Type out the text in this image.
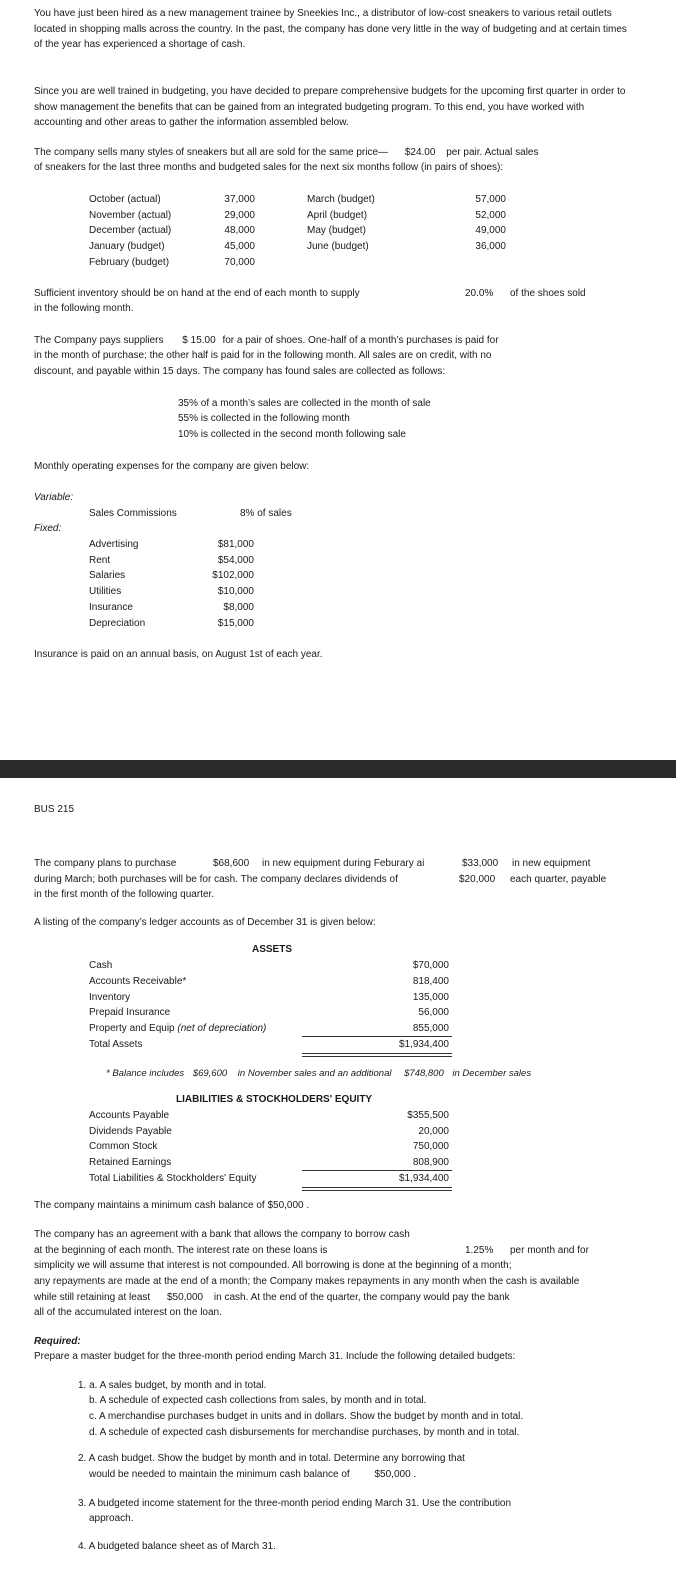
You have just been hired as a new management trainee by Sneekies Inc., a distributor of low-cost sneakers to various retail outlets located in shopping malls across the country. In the past, the company has done very little in the way of budgeting and at certain times of the year has experienced a shortage of cash.
Since you are well trained in budgeting, you have decided to prepare comprehensive budgets for the upcoming first quarter in order to show management the benefits that can be gained from an integrated budgeting program. To this end, you have worked with accounting and other areas to gather the information assembled below.
The company sells many styles of sneakers but all are sold for the same price— $24.00 per pair. Actual sales
of sneakers for the last three months and budgeted sales for the next six months follow (in pairs of shoes):
October (actual)	37,000
November (actual)	29,000
December (actual)	48,000
January (budget)	45,000
February (budget)	70,000
March (budget)	57,000
April (budget)	52,000
May (budget)	49,000
June (budget)	36,000
Sufficient inventory should be on hand at the end of each month to supply	20.0% of the shoes sold
in the following month.
The Company pays suppliers $ 15.00 for a pair of shoes. One-half of a month’s purchases is paid for
in the month of purchase; the other half is paid for in the following month. All sales are on credit, with no
discount, and payable within 15 days. The company has found sales are collected as follows:
35% of a month’s sales are collected in the month of sale
55% is collected in the following month
10% is collected in the second month following sale
Monthly operating expenses for the company are given below:
Variable:
Sales Commissions	8% of sales
Fixed:
Advertising	$81,000
Rent	$54,000
Salaries	$102,000
Utilities	$10,000
Insurance	$8,000
Depreciation	$15,000
Insurance is paid on an annual basis, on August 1st of each year.
BUS 215
The company plans to purchase	$68,600 in new equipment during Feburary ai	$33,000 in new equipment
during March; both purchases will be for cash. The company declares dividends of	$20,000 each quarter, payable
in the first month of the following quarter.
A listing of the company’s ledger accounts as of December 31 is given below:
ASSETS
Cash	$70,000
Accounts Receivable*	818,400
Inventory	135,000
Prepaid Insurance	56,000
Property and Equip (net of depreciation)	855,000
Total Assets	$1,934,400
* Balance includes $69,600 in November sales and an additional $748,800 in December sales
LIABILITIES & STOCKHOLDERS' EQUITY
Accounts Payable	$355,500
Dividends Payable	20,000
Common Stock	750,000
Retained Earnings	808,900
Total Liabilities & Stockholders' Equity	$1,934,400
The company maintains a minimum cash balance of $50,000 .
The company has an agreement with a bank that allows the company to borrow cash
at the beginning of each month. The interest rate on these loans is	1.25% per month and for
simplicity we will assume that interest is not compounded. All borrowing is done at the beginning of a month;
any repayments are made at the end of a month; the Company makes repayments in any month when the cash is available
while still retaining at least $50,000 in cash. At the end of the quarter, the company would pay the bank
all of the accumulated interest on the loan.
Required:
Prepare a master budget for the three-month period ending March 31. Include the following detailed budgets:
1. a. A sales budget, by month and in total.
b. A schedule of expected cash collections from sales, by month and in total.
c. A merchandise purchases budget in units and in dollars. Show the budget by month and in total.
d. A schedule of expected cash disbursements for merchandise purchases, by month and in total.
2. A cash budget. Show the budget by month and in total. Determine any borrowing that
would be needed to maintain the minimum cash balance of $50,000 .
3. A budgeted income statement for the three-month period ending March 31. Use the contribution
approach.
4. A budgeted balance sheet as of March 31.
